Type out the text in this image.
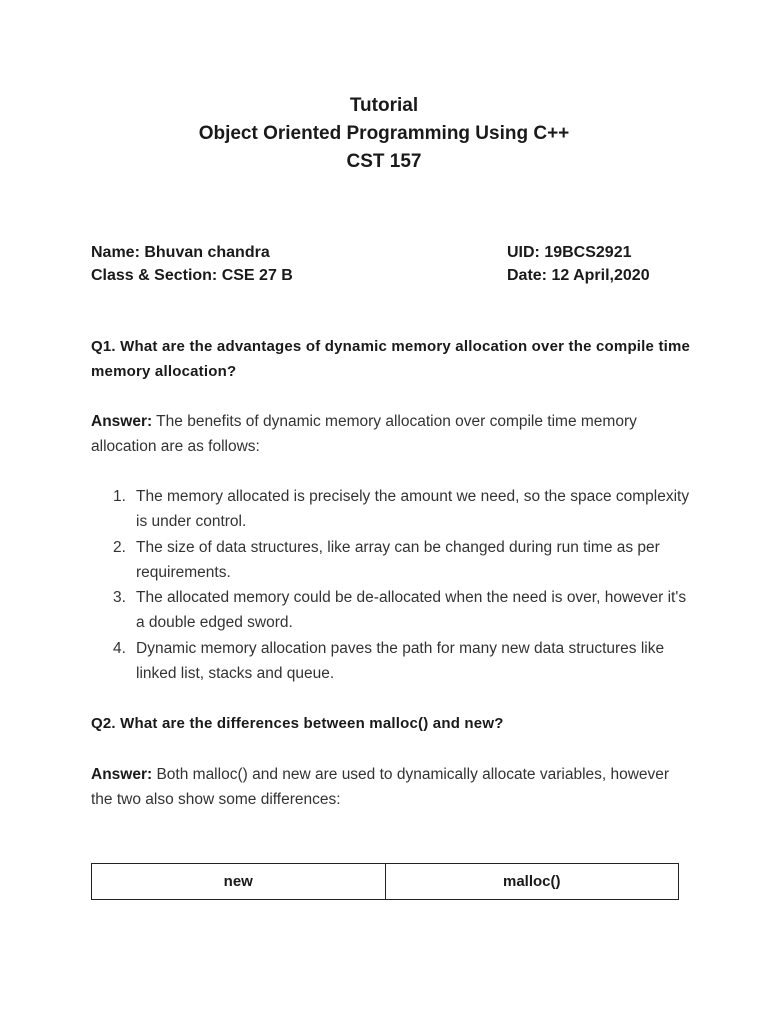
Tutorial
Object Oriented Programming Using C++
CST 157
Name: Bhuvan chandra	UID: 19BCS2921
Class & Section: CSE 27 B	Date: 12 April,2020
Q1. What are the advantages of dynamic memory allocation over the compile time memory allocation?
Answer: The benefits of dynamic memory allocation over compile time memory allocation are as follows:
1. The memory allocated is precisely the amount we need, so the space complexity is under control.
2. The size of data structures, like array can be changed during run time as per requirements.
3. The allocated memory could be de-allocated when the need is over, however it's a double edged sword.
4. Dynamic memory allocation paves the path for many new data structures like linked list, stacks and queue.
Q2. What are the differences between malloc() and new?
Answer: Both malloc() and new are used to dynamically allocate variables, however the two also show some differences:
new	malloc()
